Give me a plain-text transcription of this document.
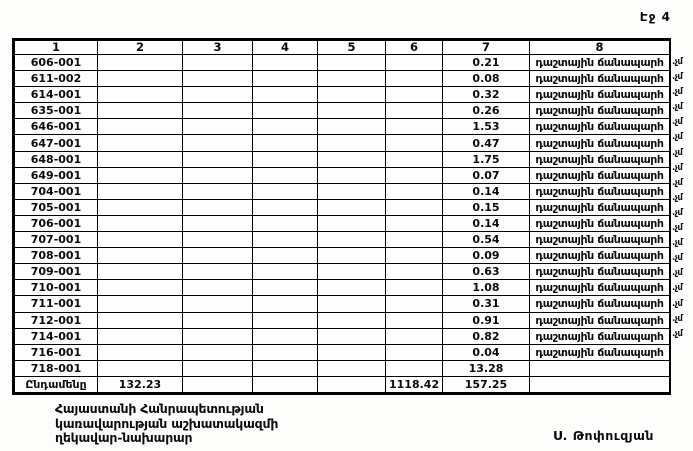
Էջ 4
1	2	3	4	5	6	7	8
606-001						0.21	դաշտային ճանապարհ
611-002						0.08	դաշտային ճանապարհ
614-001						0.32	դաշտային ճանապարհ
635-001						0.26	դաշտային ճանապարհ
646-001						1.53	դաշտային ճանապարհ
647-001						0.47	դաշտային ճանապարհ
648-001						1.75	դաշտային ճանապարհ
649-001						0.07	դաշտային ճանապարհ
704-001						0.14	դաշտային ճանապարհ
705-001						0.15	դաշտային ճանապարհ
706-001						0.14	դաշտային ճանապարհ
707-001						0.54	դաշտային ճանապարհ
708-001						0.09	դաշտային ճանապարհ
709-001						0.63	դաշտային ճանապարհ
710-001						1.08	դաշտային ճանապարհ
711-001						0.31	դաշտային ճանապարհ
712-001						0.91	դաշտային ճանապարհ
714-001						0.82	դաշտային ճանապարհ
716-001						0.04	դաշտային ճանապարհ
718-001						13.28	
Ընդամենը	132.23				1118.42	157.25	
.չմ
.չմ
.չմ
.չմ
.չմ
.չմ
.չմ
.չմ
.չմ
.չմ
.չմ
.չմ
.չմ
.չմ
.չմ
.չմ
.չմ
.չմ
.չմ
Հայաստանի Հանրապետության
կառավարության աշխատակազմի
ղեկավար-նախարար	Ս. Թոփուզյան
